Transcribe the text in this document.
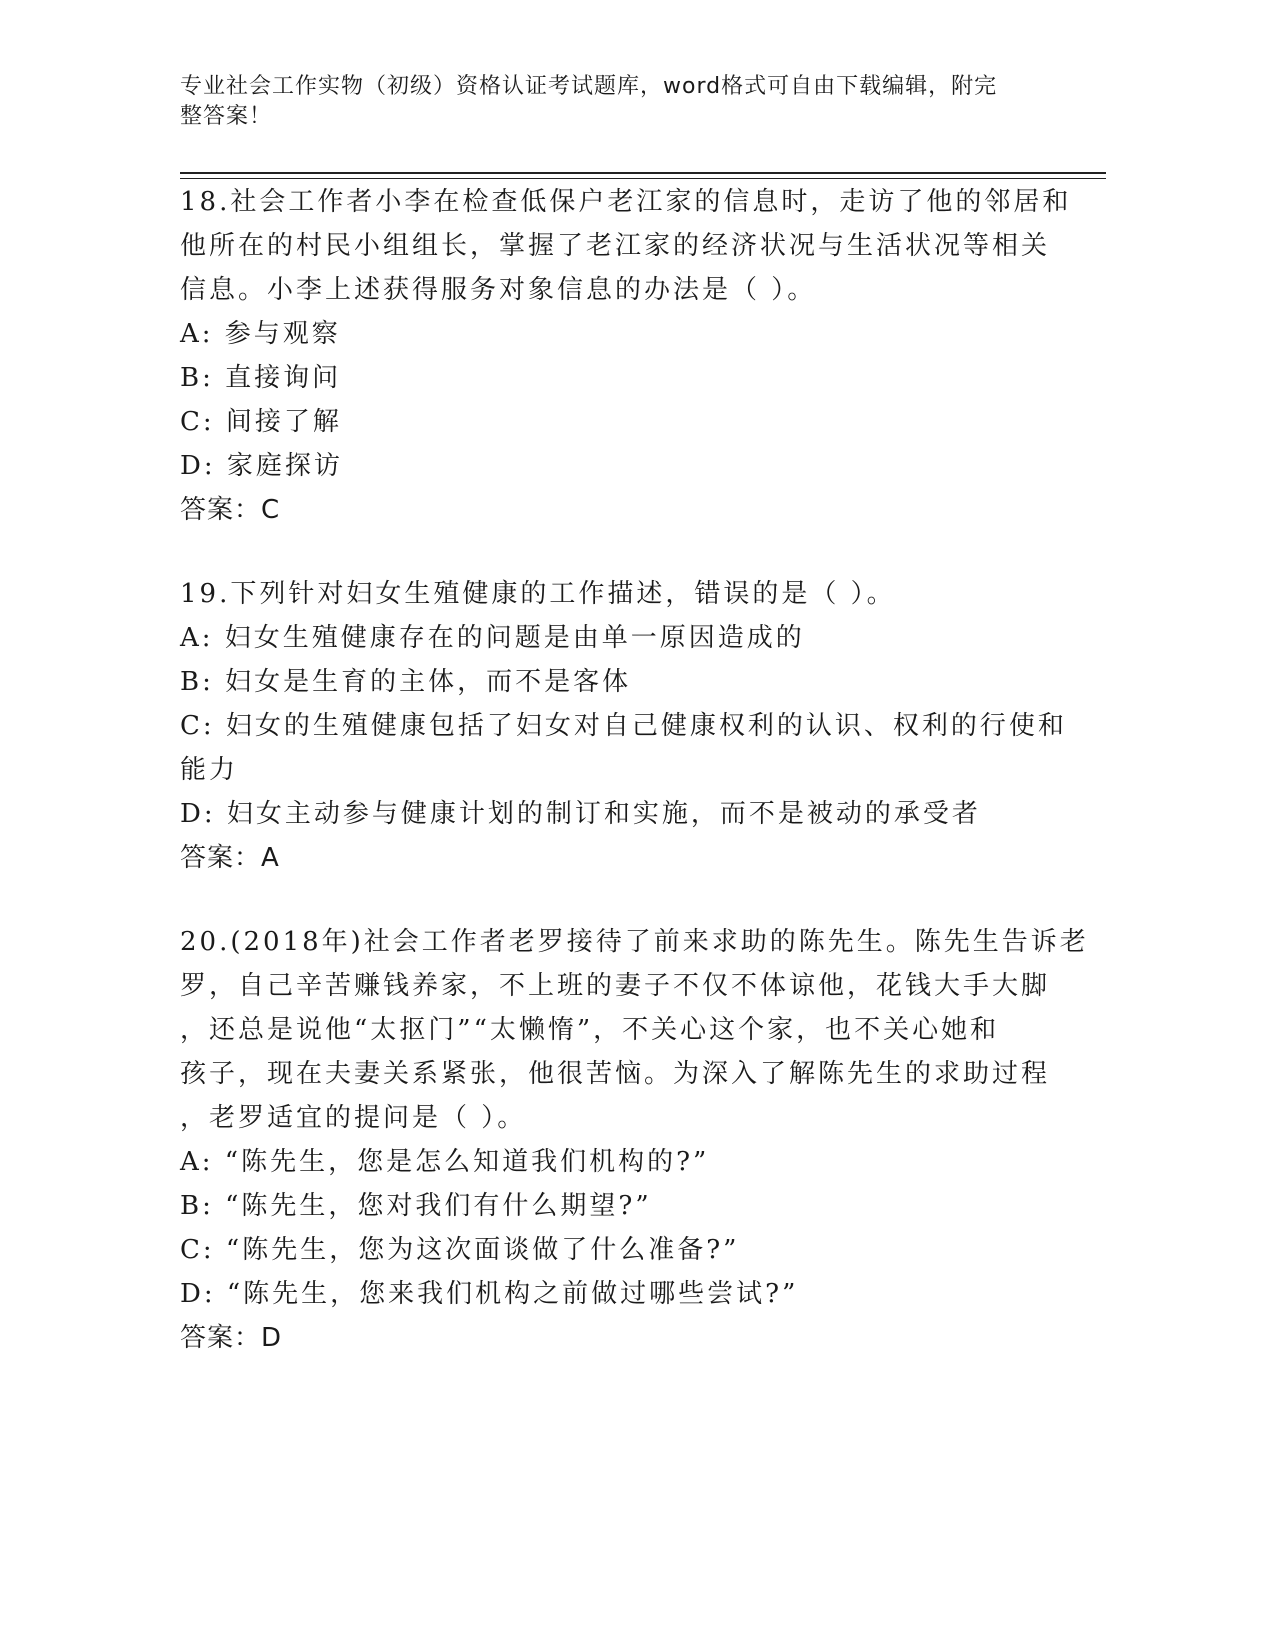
专业社会工作实物（初级）资格认证考试题库，word格式可自由下载编辑，附完
整答案！
18.社会工作者小李在检查低保户老江家的信息时，走访了他的邻居和
他所在的村民小组组长，掌握了老江家的经济状况与生活状况等相关
信息。小李上述获得服务对象信息的办法是（ ）。
A: 参与观察
B: 直接询问
C: 间接了解
D: 家庭探访
答案：C
19.下列针对妇女生殖健康的工作描述，错误的是（ ）。
A: 妇女生殖健康存在的问题是由单一原因造成的
B: 妇女是生育的主体，而不是客体
C: 妇女的生殖健康包括了妇女对自己健康权利的认识、权利的行使和
能力
D: 妇女主动参与健康计划的制订和实施，而不是被动的承受者
答案：A
20.(2018年)社会工作者老罗接待了前来求助的陈先生。陈先生告诉老
罗，自己辛苦赚钱养家，不上班的妻子不仅不体谅他，花钱大手大脚
，还总是说他“太抠门”“太懒惰”，不关心这个家，也不关心她和
孩子，现在夫妻关系紧张，他很苦恼。为深入了解陈先生的求助过程
，老罗适宜的提问是（ ）。
A: “陈先生，您是怎么知道我们机构的?”
B: “陈先生，您对我们有什么期望?”
C: “陈先生，您为这次面谈做了什么准备?”
D: “陈先生，您来我们机构之前做过哪些尝试?”
答案：D
